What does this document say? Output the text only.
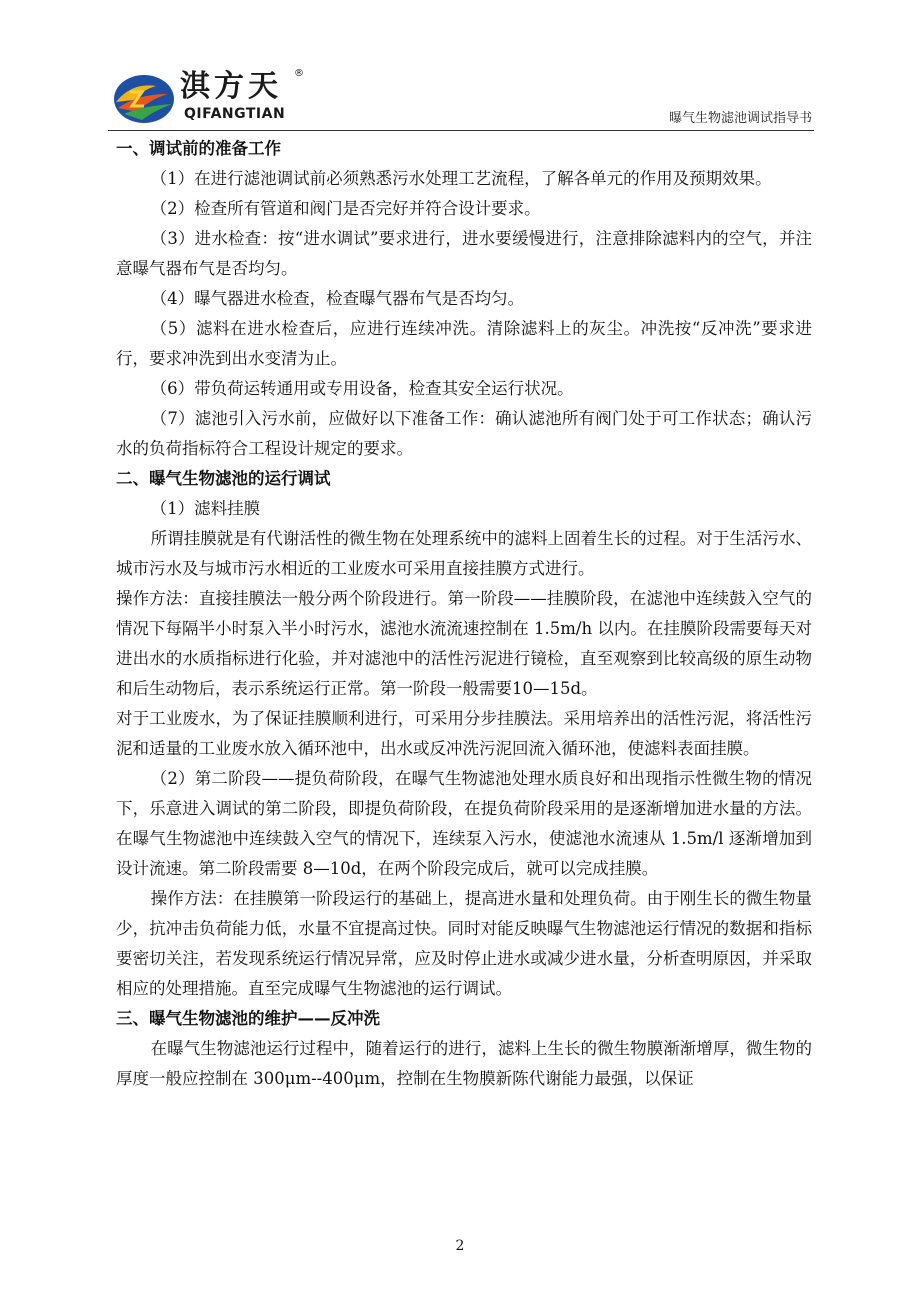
淇方天 ®
QIFANGTIAN	曝气生物滤池调试指导书

一、调试前的准备工作

（1）在进行滤池调试前必须熟悉污水处理工艺流程，了解各单元的作用及预期效果。

（2）检查所有管道和阀门是否完好并符合设计要求。

（3）进水检查：按“进水调试”要求进行，进水要缓慢进行，注意排除滤料内的空气，并注意曝气器布气是否均匀。

（4）曝气器进水检查，检查曝气器布气是否均匀。

（5）滤料在进水检查后，应进行连续冲洗。清除滤料上的灰尘。冲洗按“反冲洗”要求进行，要求冲洗到出水变清为止。

（6）带负荷运转通用或专用设备，检查其安全运行状况。

（7）滤池引入污水前，应做好以下准备工作：确认滤池所有阀门处于可工作状态；确认污水的负荷指标符合工程设计规定的要求。

二、曝气生物滤池的运行调试

（1）滤料挂膜

所谓挂膜就是有代谢活性的微生物在处理系统中的滤料上固着生长的过程。对于生活污水、城市污水及与城市污水相近的工业废水可采用直接挂膜方式进行。

操作方法：直接挂膜法一般分两个阶段进行。第一阶段——挂膜阶段，在滤池中连续鼓入空气的情况下每隔半小时泵入半小时污水，滤池水流流速控制在 1.5m/h 以内。在挂膜阶段需要每天对进出水的水质指标进行化验，并对滤池中的活性污泥进行镜检，直至观察到比较高级的原生动物和后生动物后，表示系统运行正常。第一阶段一般需要10—15d。

对于工业废水，为了保证挂膜顺利进行，可采用分步挂膜法。采用培养出的活性污泥，将活性污泥和适量的工业废水放入循环池中，出水或反冲洗污泥回流入循环池，使滤料表面挂膜。

（2）第二阶段——提负荷阶段，在曝气生物滤池处理水质良好和出现指示性微生物的情况下，乐意进入调试的第二阶段，即提负荷阶段，在提负荷阶段采用的是逐渐增加进水量的方法。在曝气生物滤池中连续鼓入空气的情况下，连续泵入污水，使滤池水流速从 1.5m/l 逐渐增加到设计流速。第二阶段需要 8—10d，在两个阶段完成后，就可以完成挂膜。

操作方法：在挂膜第一阶段运行的基础上，提高进水量和处理负荷。由于刚生长的微生物量少，抗冲击负荷能力低，水量不宜提高过快。同时对能反映曝气生物滤池运行情况的数据和指标要密切关注，若发现系统运行情况异常，应及时停止进水或减少进水量，分析查明原因，并采取相应的处理措施。直至完成曝气生物滤池的运行调试。

三、曝气生物滤池的维护——反冲洗

在曝气生物滤池运行过程中，随着运行的进行，滤料上生长的微生物膜渐渐增厚，微生物的厚度一般应控制在 300μm--400μm，控制在生物膜新陈代谢能力最强，以保证

2
